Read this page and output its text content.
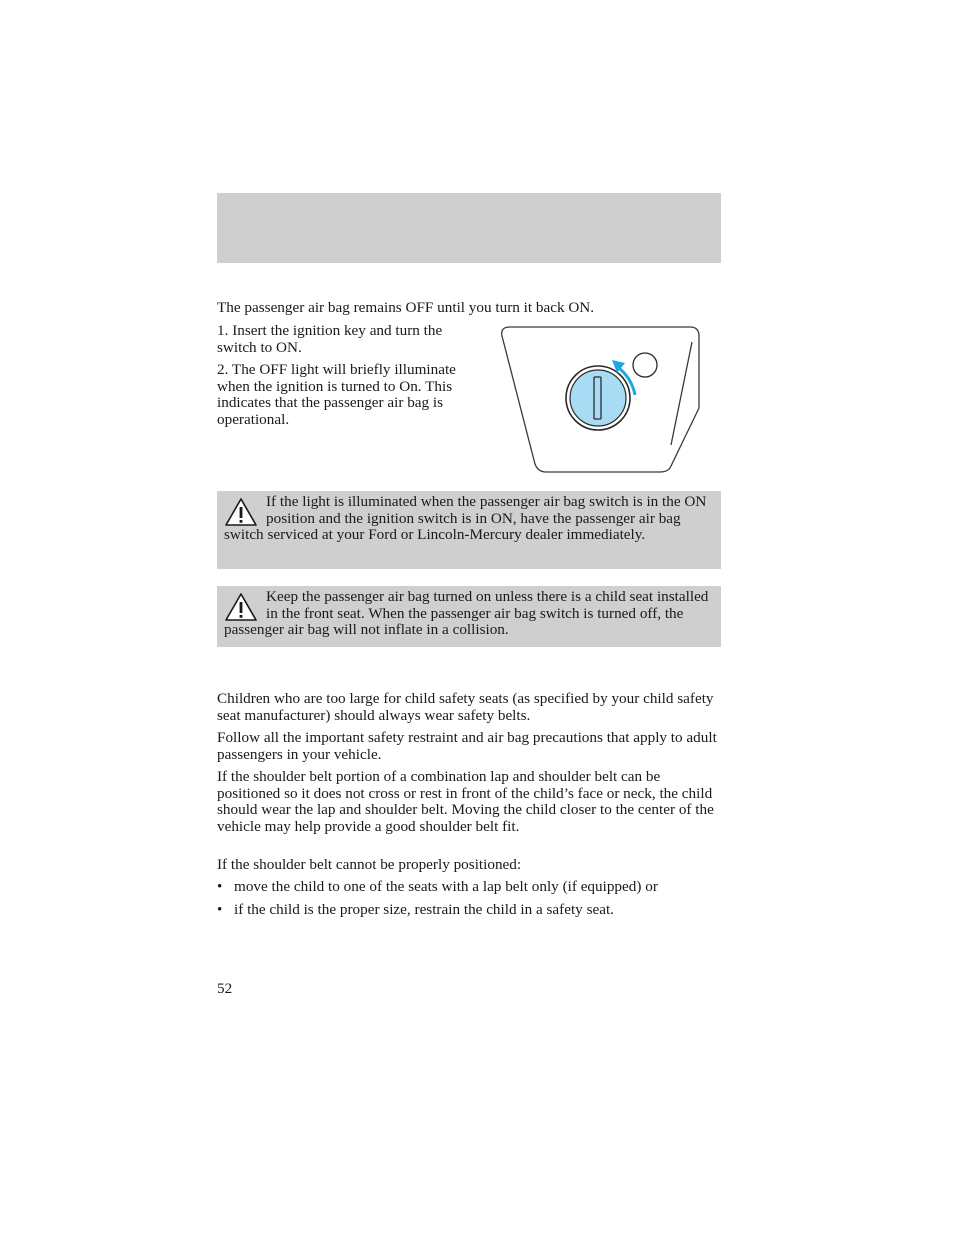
The passenger air bag remains OFF until you turn it back ON.

1. Insert the ignition key and turn the switch to ON.

2. The OFF light will briefly illuminate when the ignition is turned to On. This indicates that the passenger air bag is operational.

If the light is illuminated when the passenger air bag switch is in the ON position and the ignition switch is in ON, have the passenger air bag switch serviced at your Ford or Lincoln-Mercury dealer immediately.

Keep the passenger air bag turned on unless there is a child seat installed in the front seat. When the passenger air bag switch is turned off, the passenger air bag will not inflate in a collision.

Children who are too large for child safety seats (as specified by your child safety seat manufacturer) should always wear safety belts.

Follow all the important safety restraint and air bag precautions that apply to adult passengers in your vehicle.

If the shoulder belt portion of a combination lap and shoulder belt can be positioned so it does not cross or rest in front of the child’s face or neck, the child should wear the lap and shoulder belt. Moving the child closer to the center of the vehicle may help provide a good shoulder belt fit.

If the shoulder belt cannot be properly positioned:

• move the child to one of the seats with a lap belt only (if equipped) or
• if the child is the proper size, restrain the child in a safety seat.
52
